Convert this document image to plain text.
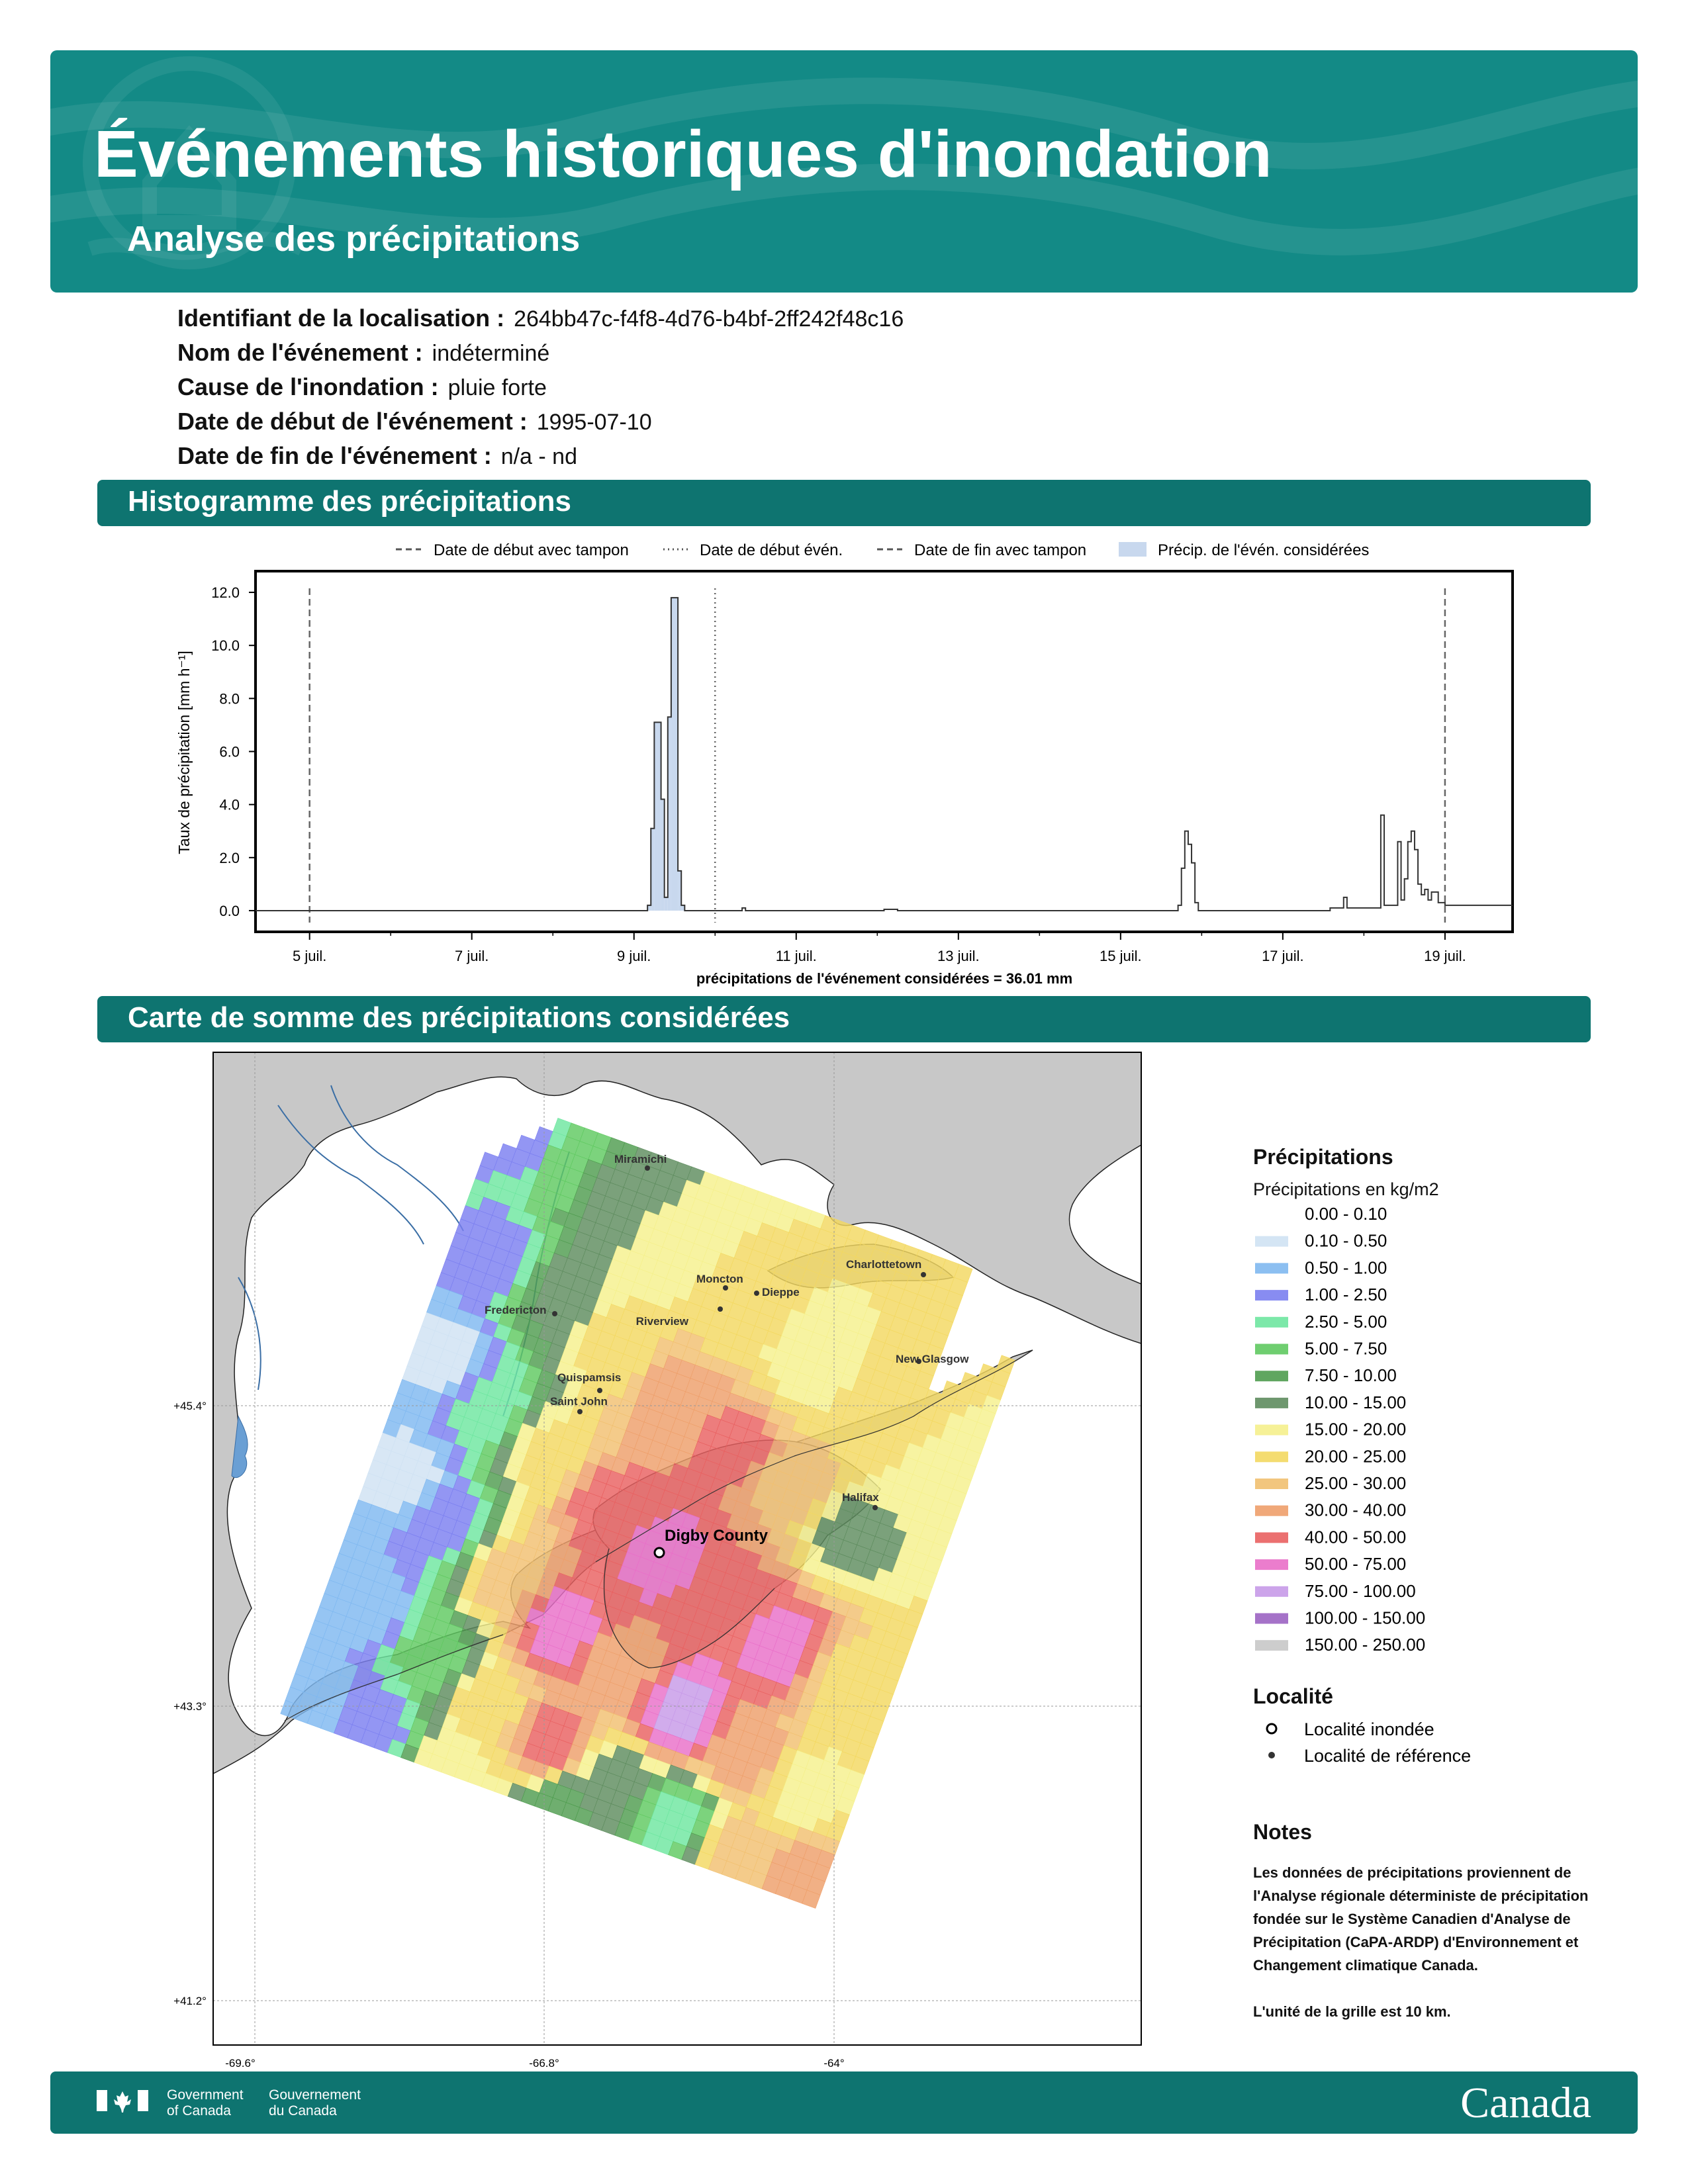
Événements historiques d'inondation
Analyse des précipitations
Identifiant de la localisation : 264bb47c-f4f8-4d76-b4bf-2ff242f48c16
Nom de l'événement : indéterminé
Cause de l'inondation : pluie forte
Date de début de l'événement : 1995-07-10
Date de fin de l'événement : n/a - nd
Histogramme des précipitations
Carte de somme des précipitations considérées
Date de début avec tampon	Date de début évén.	Date de fin avec tampon	Précip. de l'évén. considérées
0.0
2.0
4.0
6.0
8.0
10.0
12.0
5 juil.	7 juil.	9 juil.	11 juil.	13 juil.	15 juil.	17 juil.	19 juil.
Taux de précipitation [mm h⁻¹]
précipitations de l'événement considérées = 36.01 mm
Miramichi
Charlottetown
Moncton
Dieppe
Riverview
Fredericton
New Glasgow
Quispamsis
Saint John
Halifax
Digby County
-69.6°	-66.8°	-64°
+45.4°
+43.3°
+41.2°
Précipitations
Précipitations en kg/m2
0.00 - 0.10
0.10 - 0.50
0.50 - 1.00
1.00 - 2.50
2.50 - 5.00
5.00 - 7.50
7.50 - 10.00
10.00 - 15.00
15.00 - 20.00
20.00 - 25.00
25.00 - 30.00
30.00 - 40.00
40.00 - 50.00
50.00 - 75.00
75.00 - 100.00
100.00 - 150.00
150.00 - 250.00
Localité
Localité inondée
Localité de référence
Notes
Les données de précipitations proviennent de l'Analyse régionale déterministe de précipitation fondée sur le Système Canadien d'Analyse de Précipitation (CaPA-ARDP) d'Environnement et Changement climatique Canada.
L'unité de la grille est 10 km.
Government
of Canada
Gouvernement
du Canada	Canada
